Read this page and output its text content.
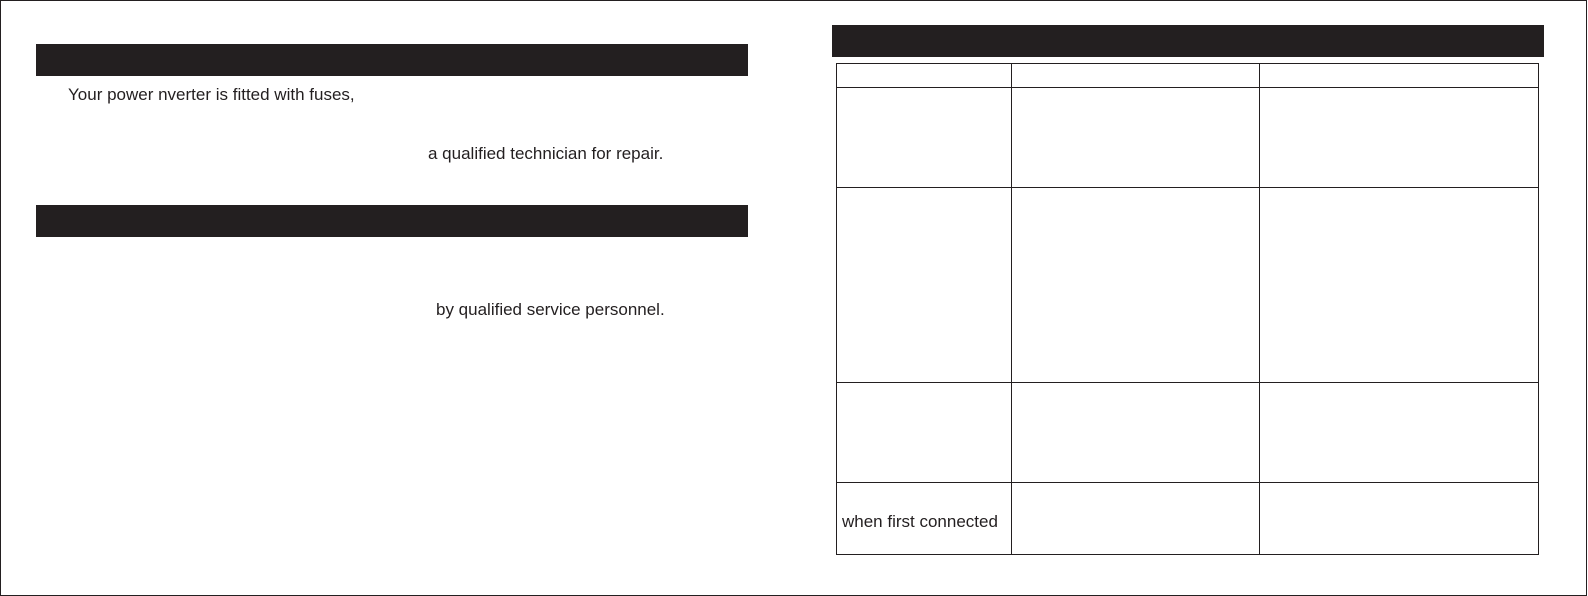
Your power nverter is fitted with fuses,
a qualified technician for repair.
by qualified service personnel.
when first connected
